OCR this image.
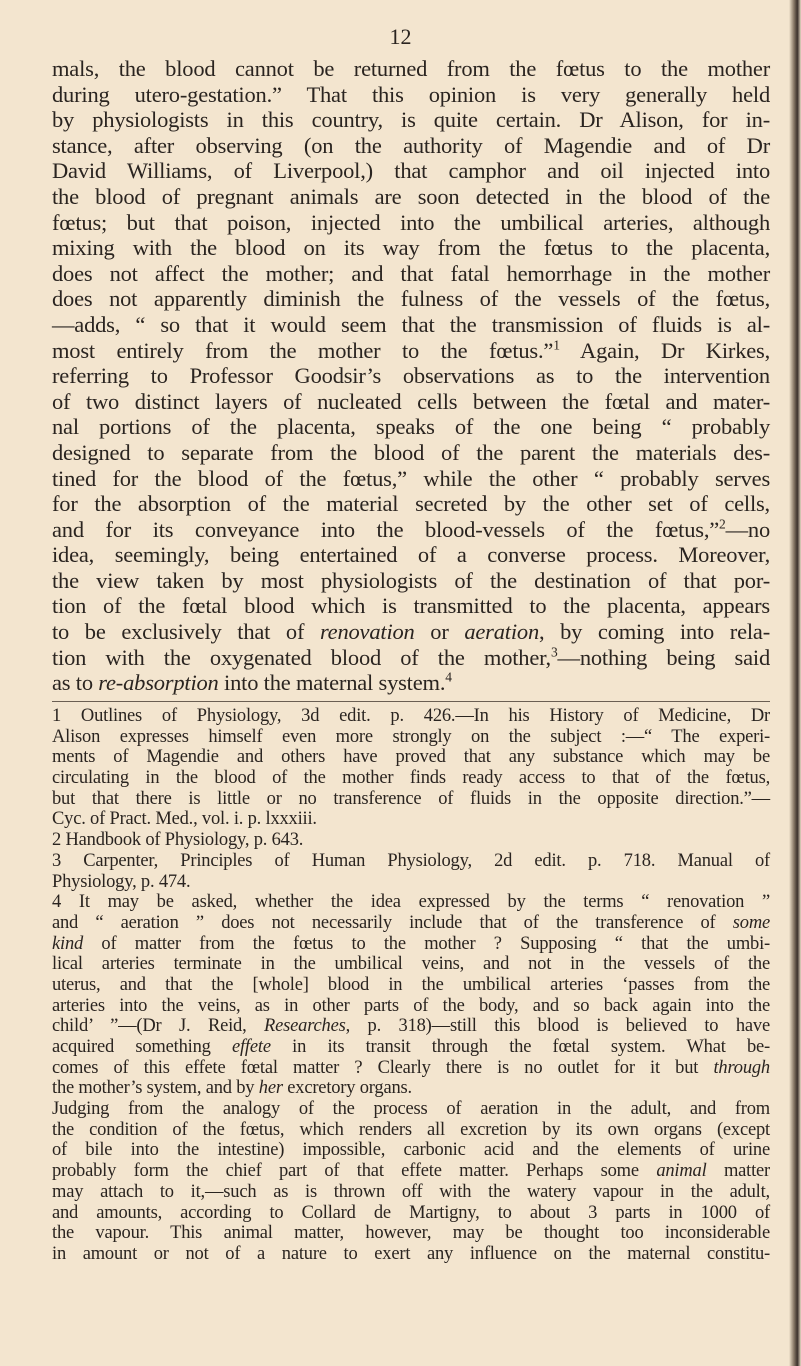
12
mals, the blood cannot be returned from the fœtus to the mother
during utero-gestation.” That this opinion is very generally held
by physiologists in this country, is quite certain. Dr Alison, for in-
stance, after observing (on the authority of Magendie and of Dr
David Williams, of Liverpool,) that camphor and oil injected into
the blood of pregnant animals are soon detected in the blood of the
fœtus; but that poison, injected into the umbilical arteries, although
mixing with the blood on its way from the fœtus to the placenta,
does not affect the mother; and that fatal hemorrhage in the mother
does not apparently diminish the fulness of the vessels of the fœtus,
—adds, “ so that it would seem that the transmission of fluids is al-
most entirely from the mother to the fœtus.”$^1$ Again, Dr Kirkes,
referring to Professor Goodsir’s observations as to the intervention
of two distinct layers of nucleated cells between the fœtal and mater-
nal portions of the placenta, speaks of the one being “ probably
designed to separate from the blood of the parent the materials des-
tined for the blood of the fœtus,” while the other “ probably serves
for the absorption of the material secreted by the other set of cells,
and for its conveyance into the blood-vessels of the fœtus,”$^2$—no
idea, seemingly, being entertained of a converse process. Moreover,
the view taken by most physiologists of the destination of that por-
tion of the fœtal blood which is transmitted to the placenta, appears
to be exclusively that of renovation or aeration, by coming into rela-
tion with the oxygenated blood of the mother,$^3$—nothing being said
as to re-absorption into the maternal system.$^4$
1 Outlines of Physiology, 3d edit. p. 426.—In his History of Medicine, Dr
Alison expresses himself even more strongly on the subject :—“ The experi-
ments of Magendie and others have proved that any substance which may be
circulating in the blood of the mother finds ready access to that of the fœtus,
but that there is little or no transference of fluids in the opposite direction.”—
Cyc. of Pract. Med., vol. i. p. lxxxiii.
2 Handbook of Physiology, p. 643.
3 Carpenter, Principles of Human Physiology, 2d edit. p. 718. Manual of
Physiology, p. 474.
4 It may be asked, whether the idea expressed by the terms “ renovation ”
and “ aeration ” does not necessarily include that of the transference of some
kind of matter from the fœtus to the mother ? Supposing “ that the umbi-
lical arteries terminate in the umbilical veins, and not in the vessels of the
uterus, and that the [whole] blood in the umbilical arteries ‘passes from the
arteries into the veins, as in other parts of the body, and so back again into the
child’ ”—(Dr J. Reid, Researches, p. 318)—still this blood is believed to have
acquired something effete in its transit through the fœtal system. What be-
comes of this effete fœtal matter ? Clearly there is no outlet for it but through
the mother’s system, and by her excretory organs.
Judging from the analogy of the process of aeration in the adult, and from
the condition of the fœtus, which renders all excretion by its own organs (except
of bile into the intestine) impossible, carbonic acid and the elements of urine
probably form the chief part of that effete matter. Perhaps some animal matter
may attach to it,—such as is thrown off with the watery vapour in the adult,
and amounts, according to Collard de Martigny, to about 3 parts in 1000 of
the vapour. This animal matter, however, may be thought too inconsiderable
in amount or not of a nature to exert any influence on the maternal constitu-
